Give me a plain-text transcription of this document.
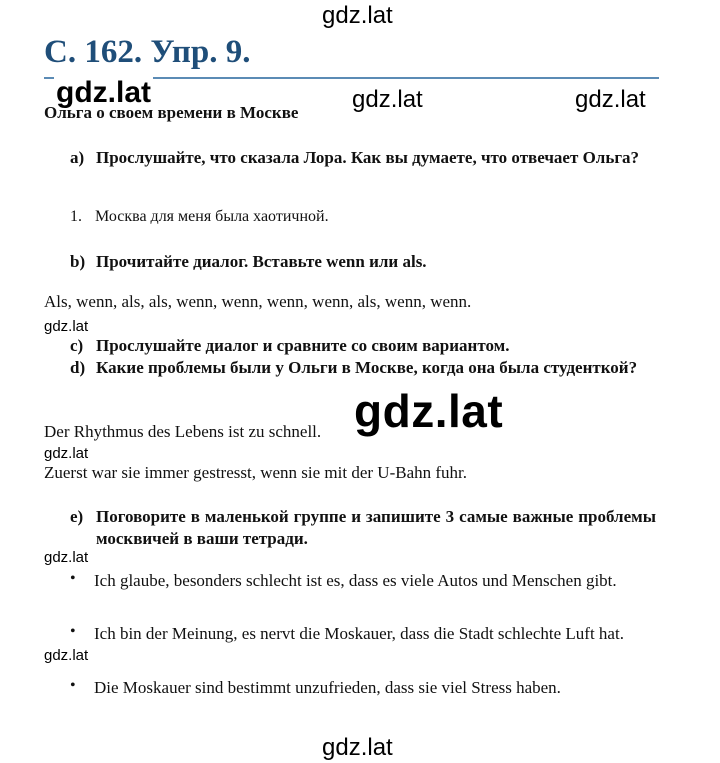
gdz.lat
С. 162. Упр. 9.
gdz.lat	gdz.lat	gdz.lat
Ольга о своем времени в Москве
a) Прослушайте, что сказала Лора. Как вы думаете, что отвечает Ольга?
1. Москва для меня была хаотичной.
b) Прочитайте диалог. Вставьте wenn или als.
Als, wenn, als, als, wenn, wenn, wenn, wenn, als, wenn, wenn.
gdz.lat
c) Прослушайте диалог и сравните со своим вариантом.
d) Какие проблемы были у Ольги в Москве, когда она была студенткой?
gdz.lat
Der Rhythmus des Lebens ist zu schnell.
gdz.lat
Zuerst war sie immer gestresst, wenn sie mit der U-Bahn fuhr.
e) Поговорите в маленькой группе и запишите 3 самые важные проблемы москвичей в ваши тетради.
gdz.lat
• Ich glaube, besonders schlecht ist es, dass es viele Autos und Menschen gibt.
• Ich bin der Meinung, es nervt die Moskauer, dass die Stadt schlechte Luft hat.
gdz.lat
• Die Moskauer sind bestimmt unzufrieden, dass sie viel Stress haben.
gdz.lat
